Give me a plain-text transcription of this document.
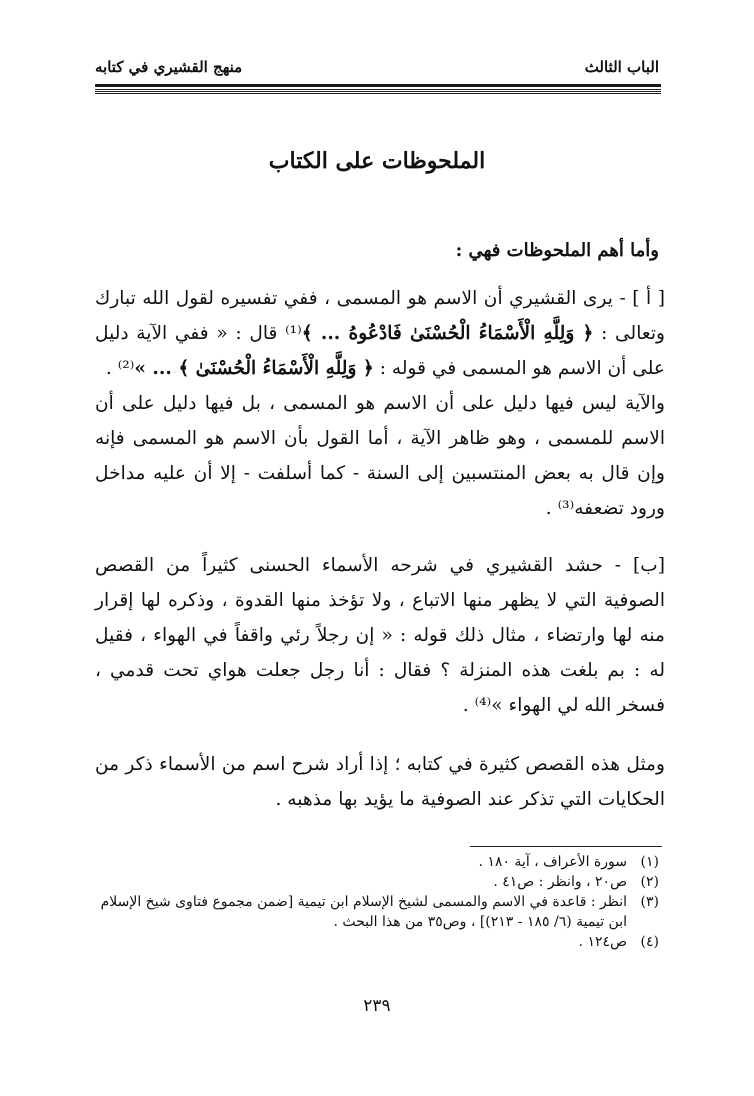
الباب الثالث
منهج القشيري في كتابه
الملحوظات على الكتاب
وأما أهم الملحوظات فهي :
[ أ ] - يرى القشيري أن الاسم هو المسمى ، ففي تفسيره لقول الله تبارك وتعالى : ﴿ وَلِلَّهِ الْأَسْمَاءُ الْحُسْنَىٰ فَادْعُوهُ ... ﴾⁽¹⁾ قال : « ففي الآية دليل على أن الاسم هو المسمى في قوله : ﴿ وَلِلَّهِ الْأَسْمَاءُ الْحُسْنَىٰ ﴾ ... »⁽²⁾ .
والآية ليس فيها دليل على أن الاسم هو المسمى ، بل فيها دليل على أن الاسم للمسمى ، وهو ظاهر الآية ، أما القول بأن الاسم هو المسمى فإنه وإن قال به بعض المنتسبين إلى السنة - كما أسلفت - إلا أن عليه مداخل ورود تضعفه⁽³⁾ .
[ب] - حشد القشيري في شرحه الأسماء الحسنى كثيراً من القصص الصوفية التي لا يظهر منها الاتباع ، ولا تؤخذ منها القدوة ، وذكره لها إقرار منه لها وارتضاء ، مثال ذلك قوله : « إن رجلاً رئي واقفاً في الهواء ، فقيل له : بم بلغت هذه المنزلة ؟ فقال : أنا رجل جعلت هواي تحت قدمي ، فسخر الله لي الهواء »⁽⁴⁾ .
ومثل هذه القصص كثيرة في كتابه ؛ إذا أراد شرح اسم من الأسماء ذكر من الحكايات التي تذكر عند الصوفية ما يؤيد بها مذهبه .
(١)
سورة الأعراف ، آية ١٨٠ .
(٢)
ص٢٠ ، وانظر : ص٤١ .
(٣)
انظر : قاعدة في الاسم والمسمى لشيخ الإسلام ابن تيمية [ضمن مجموع فتاوى شيخ الإسلام ابن تيمية (٦/ ١٨٥ - ٢١٣)] ، وص٣٥ من هذا البحث .
(٤)
ص١٢٤ .
٢٣٩
